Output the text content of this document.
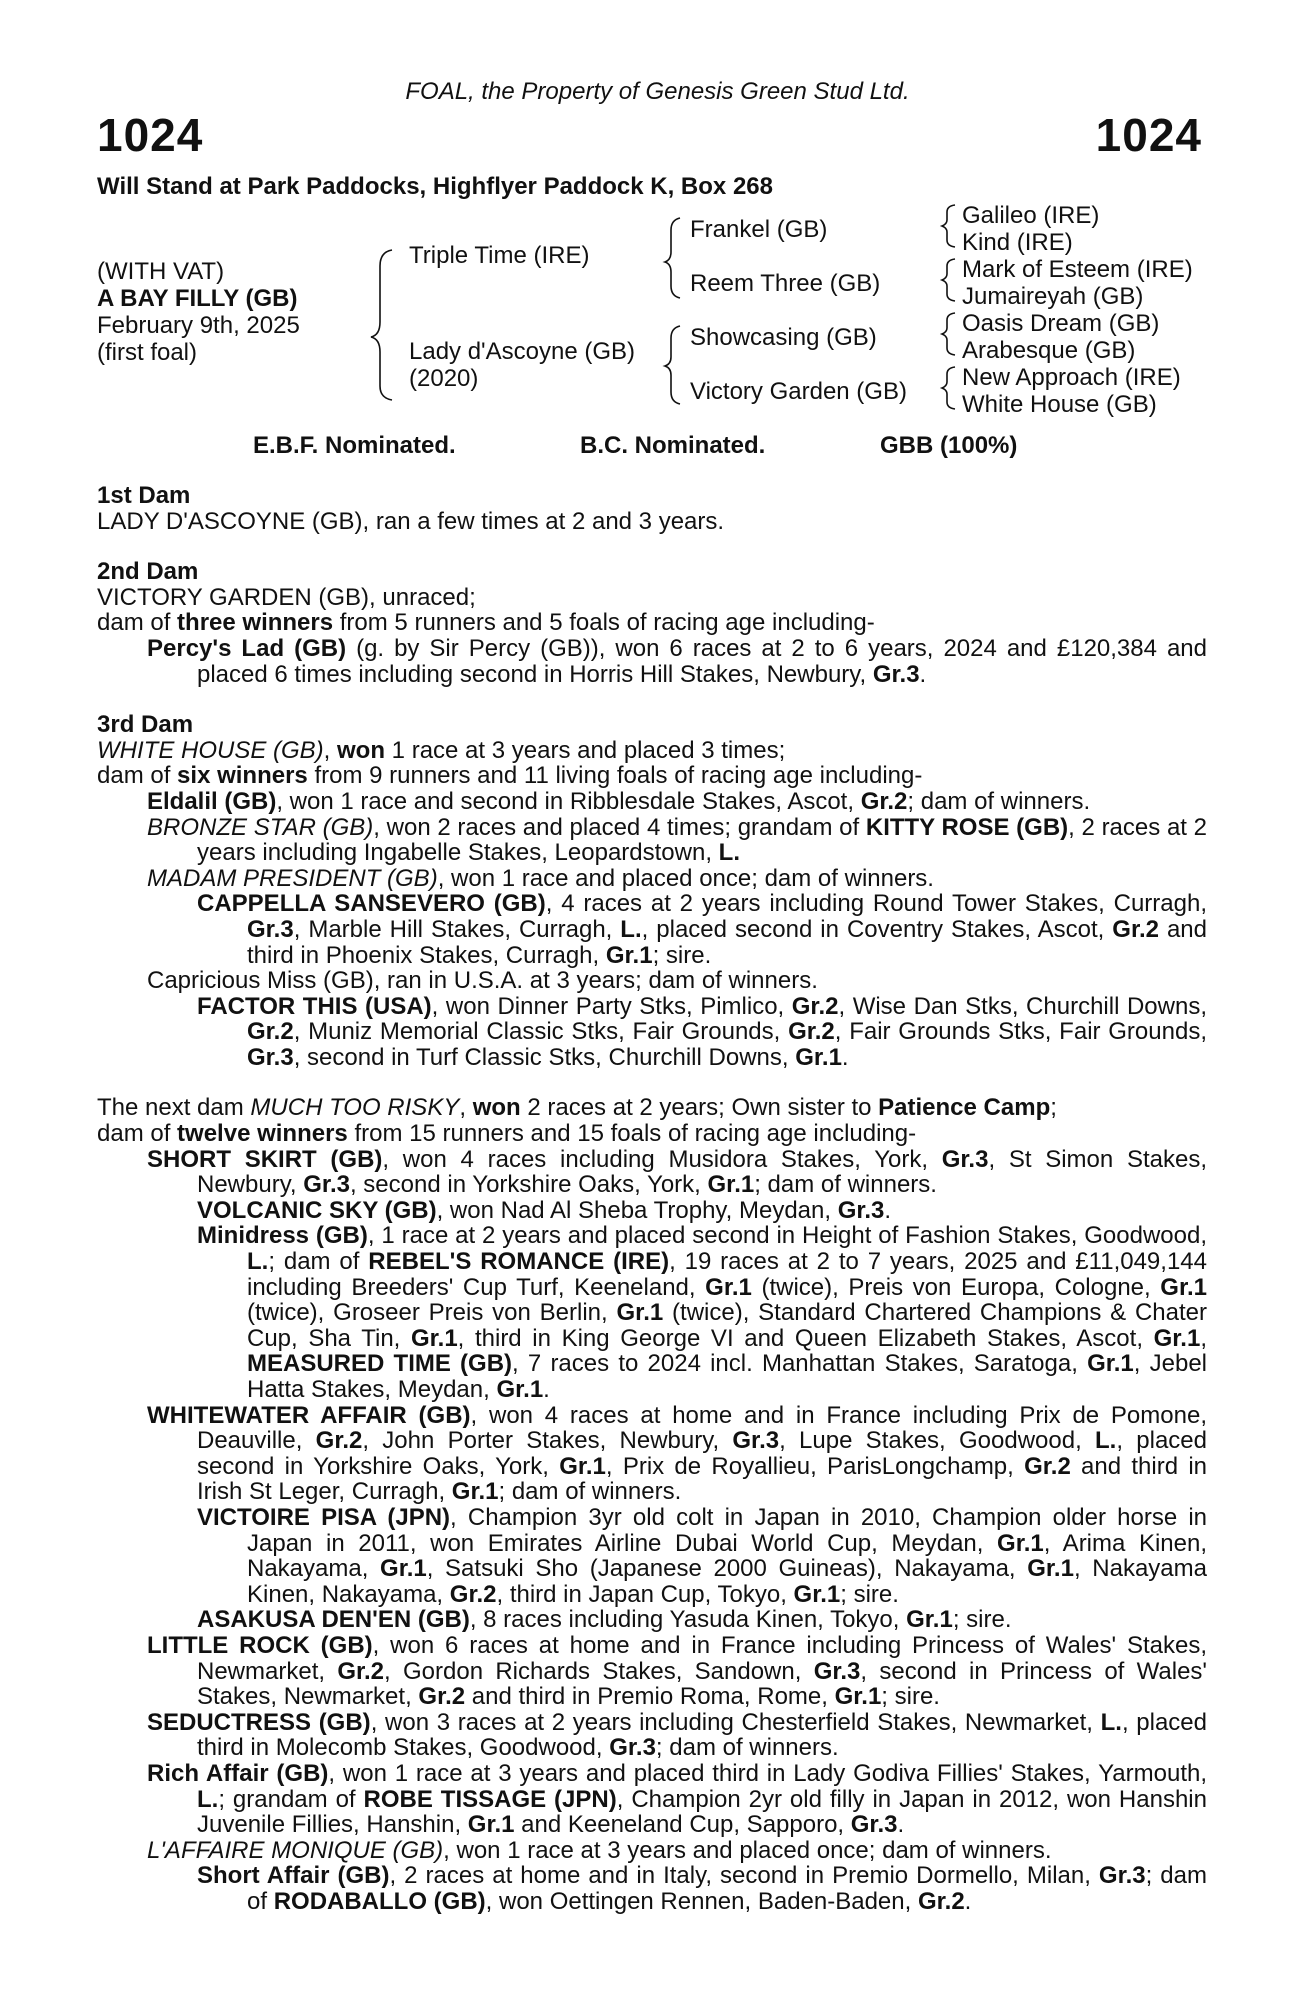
FOAL, the Property of Genesis Green Stud Ltd.
1024	1024
Will Stand at Park Paddocks, Highflyer Paddock K, Box 268
(WITH VAT)
A BAY FILLY (GB)
February 9th, 2025
(first foal)
Triple Time (IRE)
Lady d'Ascoyne (GB)
(2020)
Frankel (GB)
Reem Three (GB)
Showcasing (GB)
Victory Garden (GB)
Galileo (IRE)
Kind (IRE)
Mark of Esteem (IRE)
Jumaireyah (GB)
Oasis Dream (GB)
Arabesque (GB)
New Approach (IRE)
White House (GB)
E.B.F. Nominated.	B.C. Nominated.	GBB (100%)
1st Dam

LADY D'ASCOYNE (GB), ran a few times at 2 and 3 years.

2nd Dam

VICTORY GARDEN (GB), unraced;

dam of three winners from 5 runners and 5 foals of racing age including-

Percy's Lad (GB) (g. by Sir Percy (GB)), won 6 races at 2 to 6 years, 2024 and £120,384 and placed 6 times including second in Horris Hill Stakes, Newbury, Gr.3.

3rd Dam

WHITE HOUSE (GB), won 1 race at 3 years and placed 3 times;

dam of six winners from 9 runners and 11 living foals of racing age including-

Eldalil (GB), won 1 race and second in Ribblesdale Stakes, Ascot, Gr.2; dam of winners.

BRONZE STAR (GB), won 2 races and placed 4 times; grandam of KITTY ROSE (GB), 2 races at 2 years including Ingabelle Stakes, Leopardstown, L.

MADAM PRESIDENT (GB), won 1 race and placed once; dam of winners.

CAPPELLA SANSEVERO (GB), 4 races at 2 years including Round Tower Stakes, Curragh, Gr.3, Marble Hill Stakes, Curragh, L., placed second in Coventry Stakes, Ascot, Gr.2 and third in Phoenix Stakes, Curragh, Gr.1; sire.

Capricious Miss (GB), ran in U.S.A. at 3 years; dam of winners.

FACTOR THIS (USA), won Dinner Party Stks, Pimlico, Gr.2, Wise Dan Stks, Churchill Downs, Gr.2, Muniz Memorial Classic Stks, Fair Grounds, Gr.2, Fair Grounds Stks, Fair Grounds, Gr.3, second in Turf Classic Stks, Churchill Downs, Gr.1.

The next dam MUCH TOO RISKY, won 2 races at 2 years; Own sister to Patience Camp;

dam of twelve winners from 15 runners and 15 foals of racing age including-

SHORT SKIRT (GB), won 4 races including Musidora Stakes, York, Gr.3, St Simon Stakes, Newbury, Gr.3, second in Yorkshire Oaks, York, Gr.1; dam of winners.

VOLCANIC SKY (GB), won Nad Al Sheba Trophy, Meydan, Gr.3.

Minidress (GB), 1 race at 2 years and placed second in Height of Fashion Stakes, Goodwood, L.; dam of REBEL'S ROMANCE (IRE), 19 races at 2 to 7 years, 2025 and £11,049,144 including Breeders' Cup Turf, Keeneland, Gr.1 (twice), Preis von Europa, Cologne, Gr.1 (twice), Groseer Preis von Berlin, Gr.1 (twice), Standard Chartered Champions & Chater Cup, Sha Tin, Gr.1, third in King George VI and Queen Elizabeth Stakes, Ascot, Gr.1, MEASURED TIME (GB), 7 races to 2024 incl. Manhattan Stakes, Saratoga, Gr.1, Jebel Hatta Stakes, Meydan, Gr.1.

WHITEWATER AFFAIR (GB), won 4 races at home and in France including Prix de Pomone, Deauville, Gr.2, John Porter Stakes, Newbury, Gr.3, Lupe Stakes, Goodwood, L., placed second in Yorkshire Oaks, York, Gr.1, Prix de Royallieu, ParisLongchamp, Gr.2 and third in Irish St Leger, Curragh, Gr.1; dam of winners.

VICTOIRE PISA (JPN), Champion 3yr old colt in Japan in 2010, Champion older horse in Japan in 2011, won Emirates Airline Dubai World Cup, Meydan, Gr.1, Arima Kinen, Nakayama, Gr.1, Satsuki Sho (Japanese 2000 Guineas), Nakayama, Gr.1, Nakayama Kinen, Nakayama, Gr.2, third in Japan Cup, Tokyo, Gr.1; sire.

ASAKUSA DEN'EN (GB), 8 races including Yasuda Kinen, Tokyo, Gr.1; sire.

LITTLE ROCK (GB), won 6 races at home and in France including Princess of Wales' Stakes, Newmarket, Gr.2, Gordon Richards Stakes, Sandown, Gr.3, second in Princess of Wales' Stakes, Newmarket, Gr.2 and third in Premio Roma, Rome, Gr.1; sire.

SEDUCTRESS (GB), won 3 races at 2 years including Chesterfield Stakes, Newmarket, L., placed third in Molecomb Stakes, Goodwood, Gr.3; dam of winners.

Rich Affair (GB), won 1 race at 3 years and placed third in Lady Godiva Fillies' Stakes, Yarmouth, L.; grandam of ROBE TISSAGE (JPN), Champion 2yr old filly in Japan in 2012, won Hanshin Juvenile Fillies, Hanshin, Gr.1 and Keeneland Cup, Sapporo, Gr.3.

L'AFFAIRE MONIQUE (GB), won 1 race at 3 years and placed once; dam of winners.

Short Affair (GB), 2 races at home and in Italy, second in Premio Dormello, Milan, Gr.3; dam of RODABALLO (GB), won Oettingen Rennen, Baden-Baden, Gr.2.
